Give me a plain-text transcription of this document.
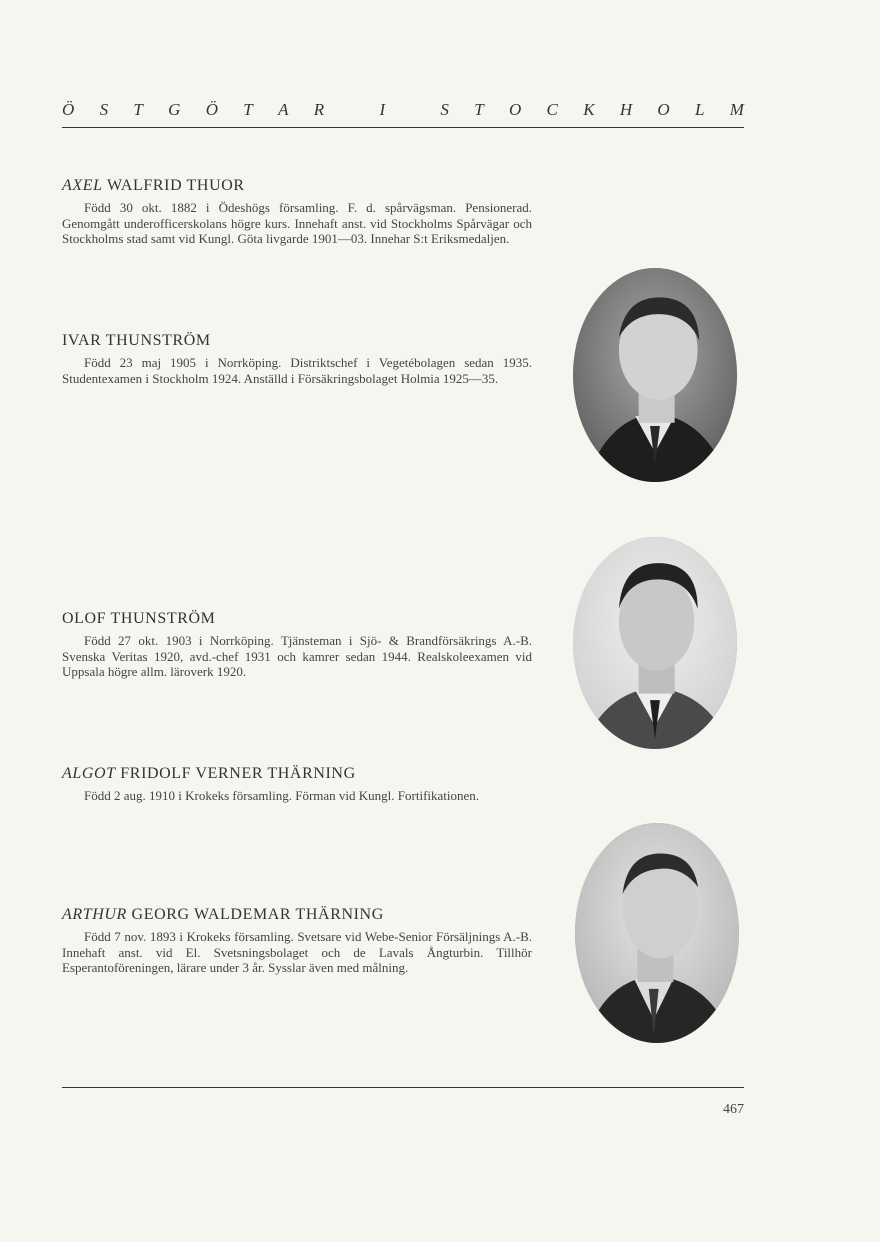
Ö S T G Ö T A R	I	S T O C K H O L M
AXEL WALFRID THUOR

Född 30 okt. 1882 i Ödeshögs församling. F. d. spårvägsman. Pensionerad. Genomgått underofficerskolans högre kurs. Innehaft anst. vid Stockholms Spårvägar och Stockholms stad samt vid Kungl. Göta livgarde 1901—03. Innehar S:t Eriksmedaljen.

IVAR THUNSTRÖM

Född 23 maj 1905 i Norrköping. Distriktschef i Vegetébolagen sedan 1935. Studentexamen i Stockholm 1924. Anställd i Försäkringsbolaget Holmia 1925—35.

OLOF THUNSTRÖM

Född 27 okt. 1903 i Norrköping. Tjänsteman i Sjö- & Brandförsäkrings A.-B. Svenska Veritas 1920, avd.-chef 1931 och kamrer sedan 1944. Realskoleexamen vid Uppsala högre allm. läroverk 1920.

ALGOT FRIDOLF VERNER THÄRNING

Född 2 aug. 1910 i Krokeks församling. Förman vid Kungl. Fortifikationen.

ARTHUR GEORG WALDEMAR THÄRNING

Född 7 nov. 1893 i Krokeks församling. Svetsare vid Webe-Senior Försäljnings A.-B. Innehaft anst. vid El. Svetsningsbolaget och de Lavals Ångturbin. Tillhör Esperantoföreningen, lärare under 3 år. Sysslar även med målning.

467
